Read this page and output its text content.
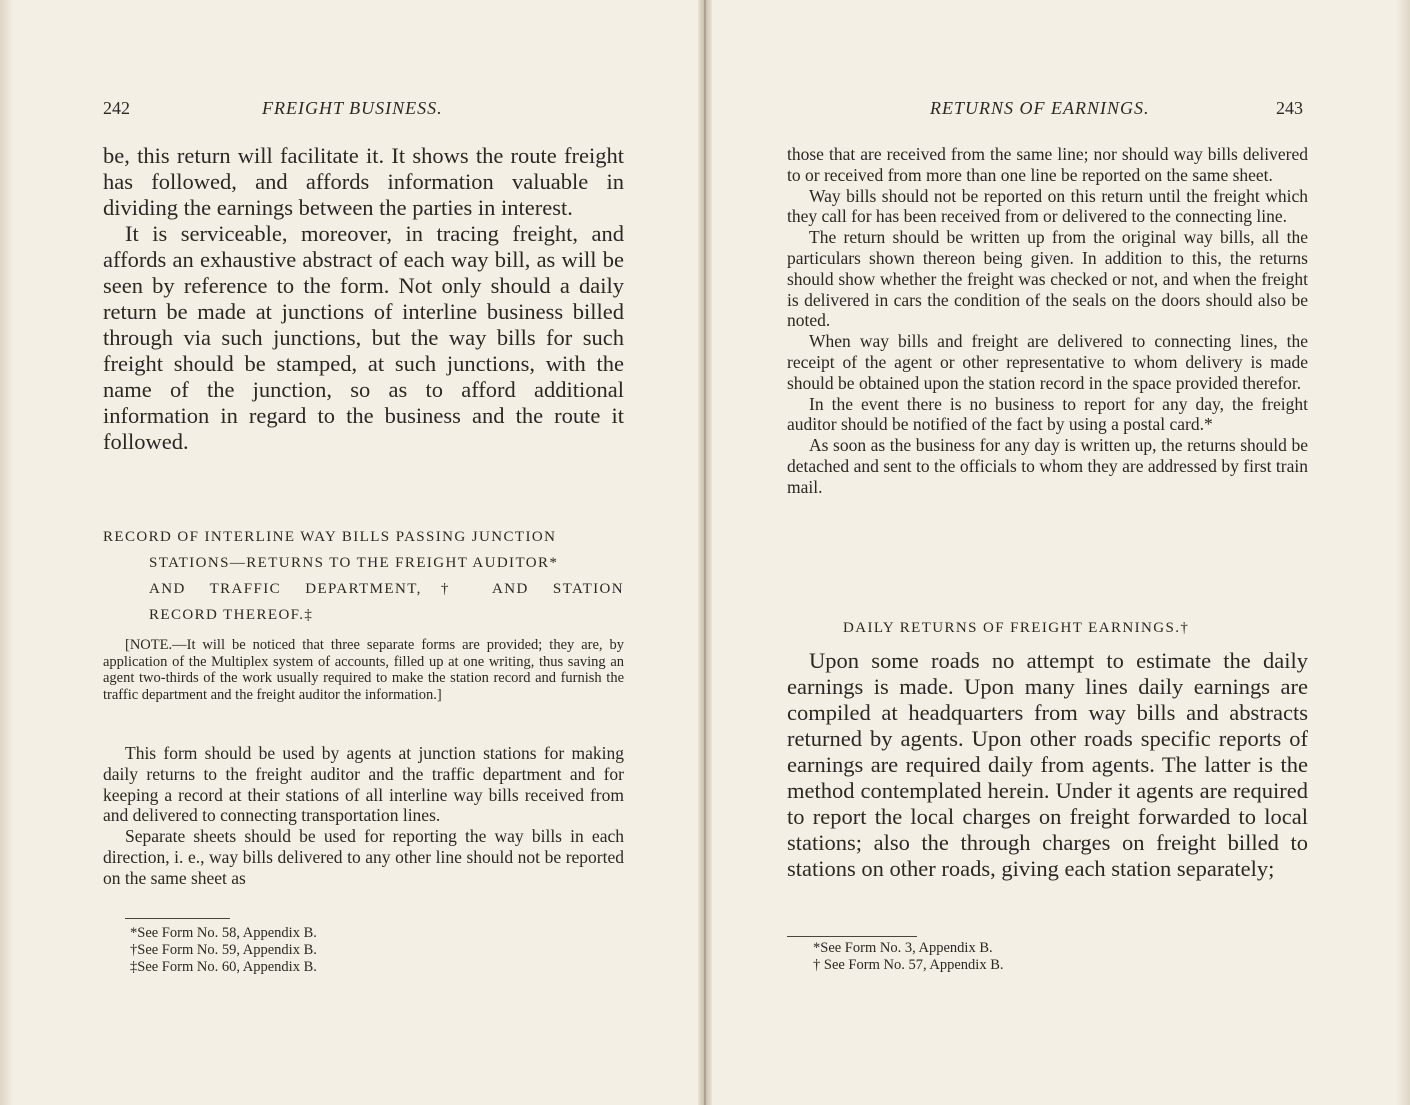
242	FREIGHT BUSINESS.

be, this return will facilitate it. It shows the route freight has followed, and affords information valuable in dividing the earnings between the parties in interest.

It is serviceable, moreover, in tracing freight, and affords an exhaustive abstract of each way bill, as will be seen by reference to the form. Not only should a daily return be made at junctions of interline business billed through via such junctions, but the way bills for such freight should be stamped, at such junctions, with the name of the junction, so as to afford additional information in regard to the business and the route it followed.

RECORD OF INTERLINE WAY BILLS PASSING JUNCTION
STATIONS—RETURNS TO THE FREIGHT AUDITOR*
AND TRAFFIC DEPARTMENT,† AND STATION
RECORD THEREOF.‡

[NOTE.—It will be noticed that three separate forms are provided; they are, by application of the Multiplex system of accounts, filled up at one writing, thus saving an agent two-thirds of the work usually required to make the station record and furnish the traffic department and the freight auditor the information.]

This form should be used by agents at junction stations for making daily returns to the freight auditor and the traffic department and for keeping a record at their stations of all interline way bills received from and delivered to connecting transportation lines.

Separate sheets should be used for reporting the way bills in each direction, i. e., way bills delivered to any other line should not be reported on the same sheet as

*See Form No. 58, Appendix B.
†See Form No. 59, Appendix B.
‡See Form No. 60, Appendix B.
RETURNS OF EARNINGS.	243

those that are received from the same line; nor should way bills delivered to or received from more than one line be reported on the same sheet.

Way bills should not be reported on this return until the freight which they call for has been received from or delivered to the connecting line.

The return should be written up from the original way bills, all the particulars shown thereon being given. In addition to this, the returns should show whether the freight was checked or not, and when the freight is delivered in cars the condition of the seals on the doors should also be noted.

When way bills and freight are delivered to connecting lines, the receipt of the agent or other representative to whom delivery is made should be obtained upon the station record in the space provided therefor.

In the event there is no business to report for any day, the freight auditor should be notified of the fact by using a postal card.*

As soon as the business for any day is written up, the returns should be detached and sent to the officials to whom they are addressed by first train mail.

DAILY RETURNS OF FREIGHT EARNINGS.†

Upon some roads no attempt to estimate the daily earnings is made. Upon many lines daily earnings are compiled at headquarters from way bills and abstracts returned by agents. Upon other roads specific reports of earnings are required daily from agents. The latter is the method contemplated herein. Under it agents are required to report the local charges on freight forwarded to local stations; also the through charges on freight billed to stations on other roads, giving each station separately;

*See Form No. 3, Appendix B.
† See Form No. 57, Appendix B.
